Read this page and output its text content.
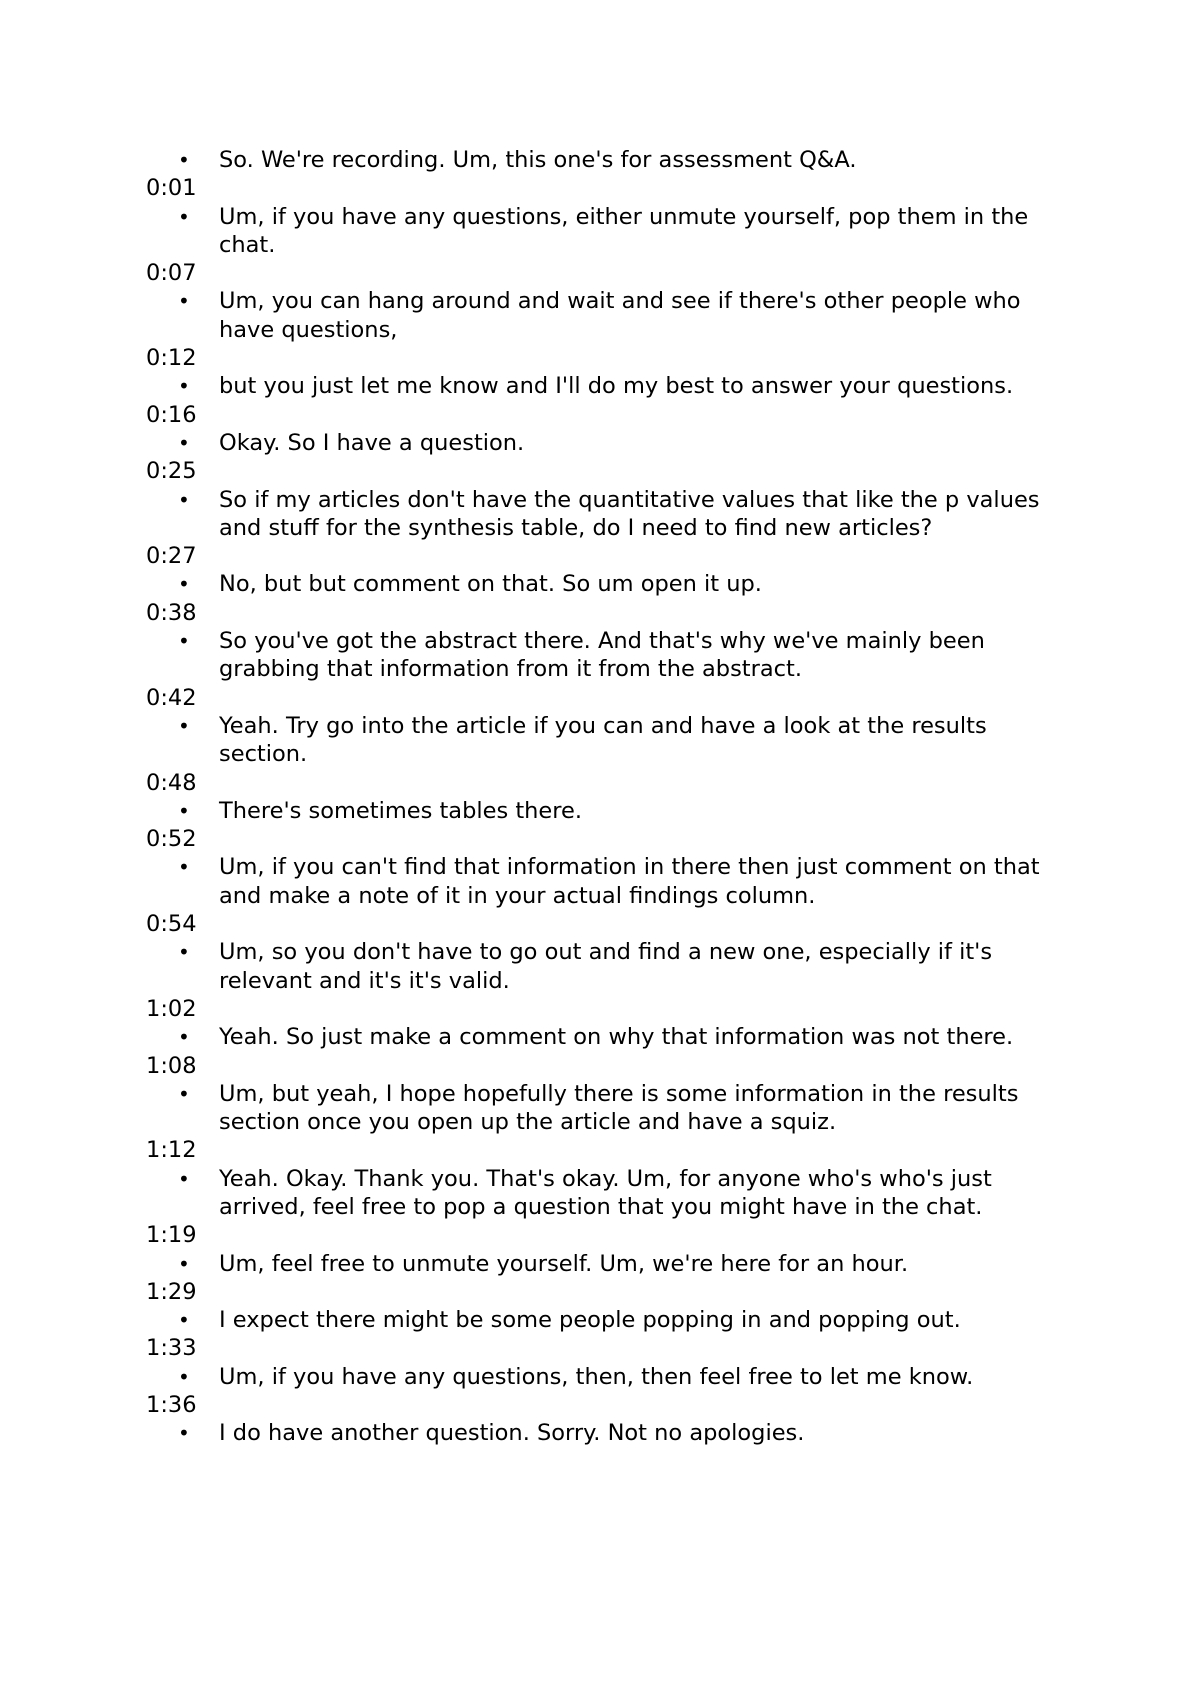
• So. We're recording. Um, this one's for assessment Q&A.
0:01
• Um, if you have any questions, either unmute yourself, pop them in the chat.
0:07
• Um, you can hang around and wait and see if there's other people who have questions,
0:12
• but you just let me know and I'll do my best to answer your questions.
0:16
• Okay. So I have a question.
0:25
• So if my articles don't have the quantitative values that like the p values and stuff for the synthesis table, do I need to find new articles?
0:27
• No, but but comment on that. So um open it up.
0:38
• So you've got the abstract there. And that's why we've mainly been grabbing that information from it from the abstract.
0:42
• Yeah. Try go into the article if you can and have a look at the results section.
0:48
• There's sometimes tables there.
0:52
• Um, if you can't find that information in there then just comment on that and make a note of it in your actual findings column.
0:54
• Um, so you don't have to go out and find a new one, especially if it's relevant and it's it's valid.
1:02
• Yeah. So just make a comment on why that information was not there.
1:08
• Um, but yeah, I hope hopefully there is some information in the results section once you open up the article and have a squiz.
1:12
• Yeah. Okay. Thank you. That's okay. Um, for anyone who's who's just arrived, feel free to pop a question that you might have in the chat.
1:19
• Um, feel free to unmute yourself. Um, we're here for an hour.
1:29
• I expect there might be some people popping in and popping out.
1:33
• Um, if you have any questions, then, then feel free to let me know.
1:36
• I do have another question. Sorry. Not no apologies.
